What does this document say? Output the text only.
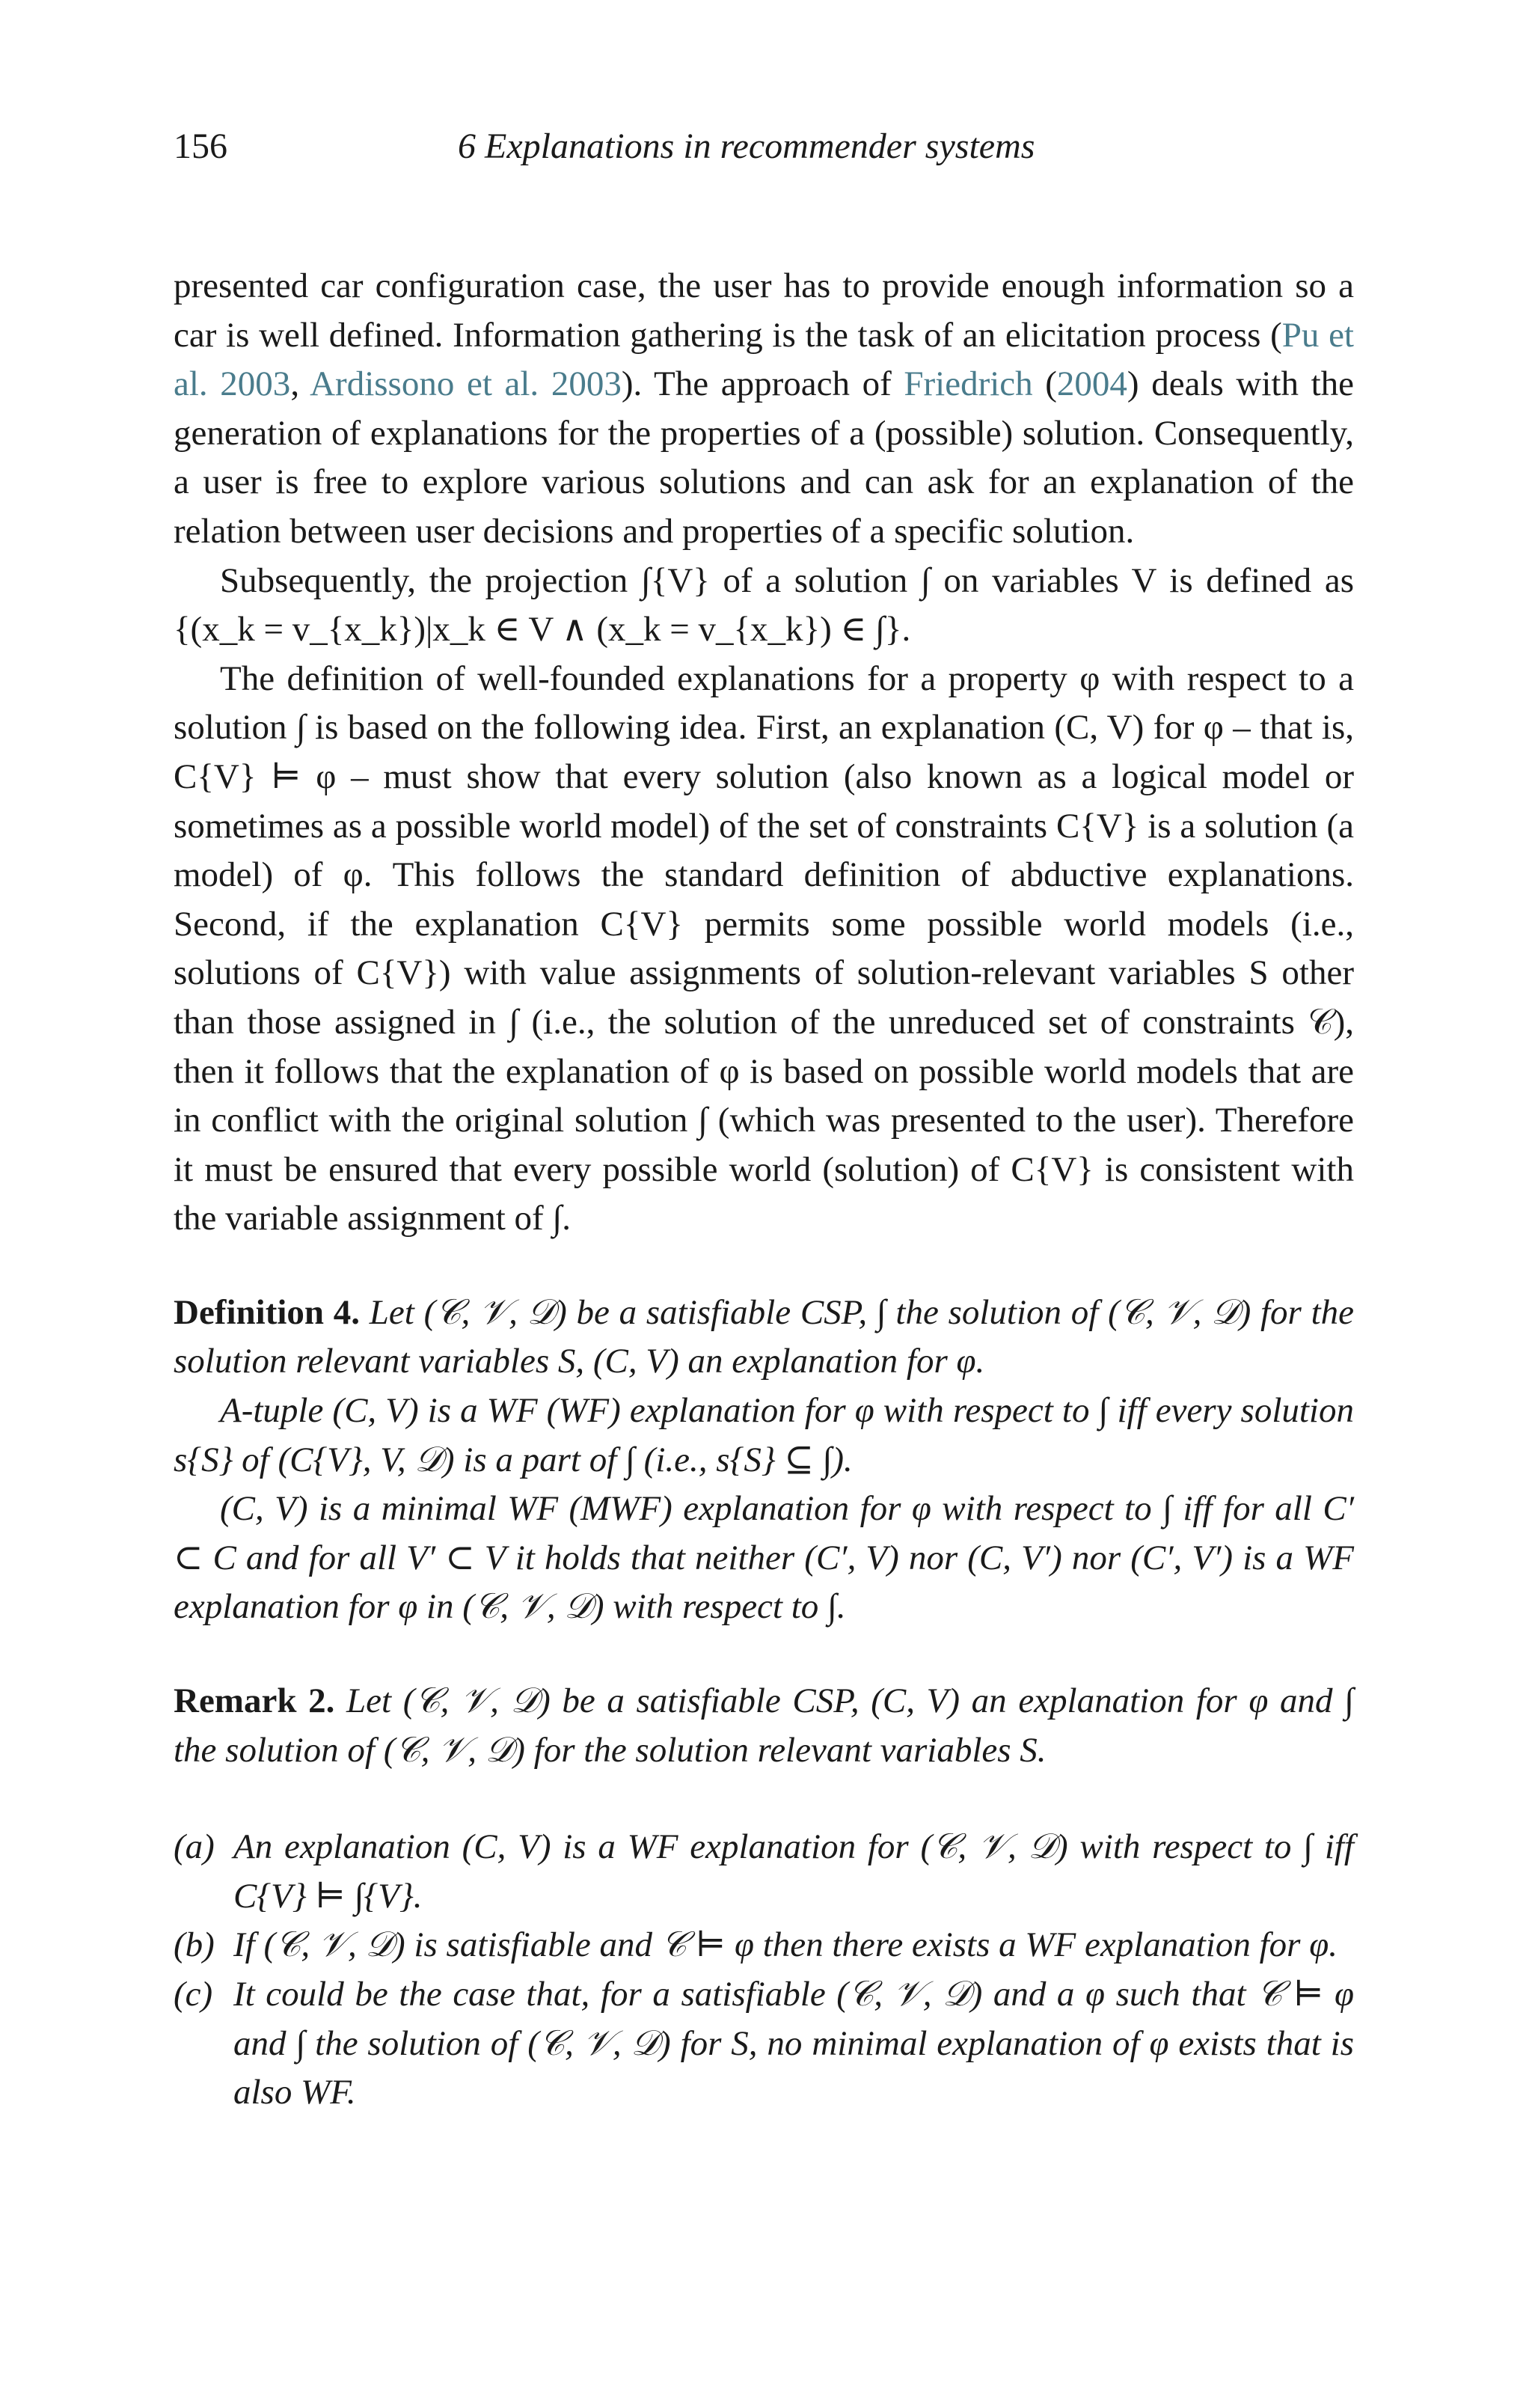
156	6 Explanations in recommender systems

presented car configuration case, the user has to provide enough information so a car is well defined. Information gathering is the task of an elicitation process (Pu et al. 2003, Ardissono et al. 2003). The approach of Friedrich (2004) deals with the generation of explanations for the properties of a (possible) solution. Consequently, a user is free to explore various solutions and can ask for an explanation of the relation between user decisions and properties of a specific solution.

Subsequently, the projection ∫{V} of a solution ∫ on variables V is defined as {(x_k = v_{x_k})|x_k ∈ V ∧ (x_k = v_{x_k}) ∈ ∫}.

The definition of well-founded explanations for a property φ with respect to a solution ∫ is based on the following idea. First, an explanation (C, V) for φ – that is, C{V} ⊨ φ – must show that every solution (also known as a logical model or sometimes as a possible world model) of the set of constraints C{V} is a solution (a model) of φ. This follows the standard definition of abductive explanations. Second, if the explanation C{V} permits some possible world models (i.e., solutions of C{V}) with value assignments of solution-relevant variables S other than those assigned in ∫ (i.e., the solution of the unreduced set of constraints 𝒞), then it follows that the explanation of φ is based on possible world models that are in conflict with the original solution ∫ (which was presented to the user). Therefore it must be ensured that every possible world (solution) of C{V} is consistent with the variable assignment of ∫.

Definition 4. Let (𝒞, 𝒱, 𝒟) be a satisfiable CSP, ∫ the solution of (𝒞, 𝒱, 𝒟) for the solution relevant variables S, (C, V) an explanation for φ.

A-tuple (C, V) is a WF (WF) explanation for φ with respect to ∫ iff every solution s{S} of (C{V}, V, 𝒟) is a part of ∫ (i.e., s{S} ⊆ ∫).

(C, V) is a minimal WF (MWF) explanation for φ with respect to ∫ iff for all C′ ⊂ C and for all V′ ⊂ V it holds that neither (C′, V) nor (C, V′) nor (C′, V′) is a WF explanation for φ in (𝒞, 𝒱, 𝒟) with respect to ∫.

Remark 2. Let (𝒞, 𝒱, 𝒟) be a satisfiable CSP, (C, V) an explanation for φ and ∫ the solution of (𝒞, 𝒱, 𝒟) for the solution relevant variables S.

(a) An explanation (C, V) is a WF explanation for (𝒞, 𝒱, 𝒟) with respect to ∫ iff C{V} ⊨ ∫{V}.
(b) If (𝒞, 𝒱, 𝒟) is satisfiable and 𝒞 ⊨ φ then there exists a WF explanation for φ.
(c) It could be the case that, for a satisfiable (𝒞, 𝒱, 𝒟) and a φ such that 𝒞 ⊨ φ and ∫ the solution of (𝒞, 𝒱, 𝒟) for S, no minimal explanation of φ exists that is also WF.
